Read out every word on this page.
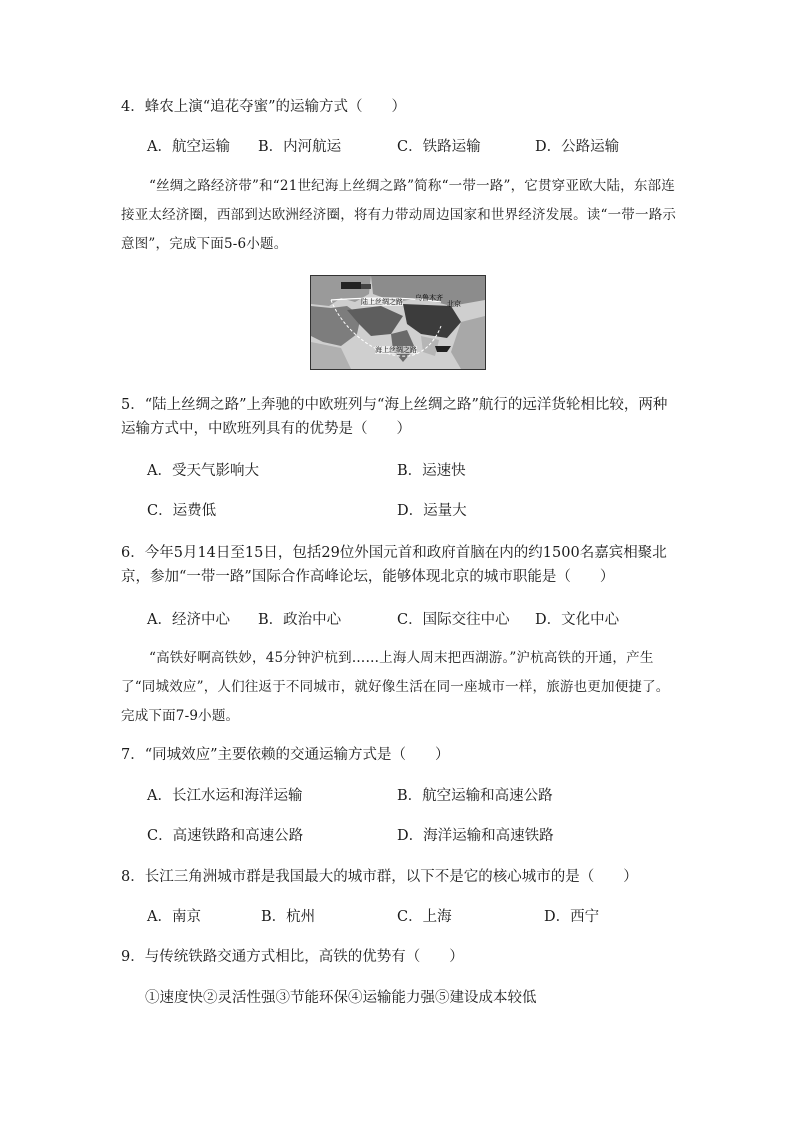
4．蜂农上演“追花夺蜜”的运输方式（　　）
A．航空运输 B．内河航运	C．铁路运输	D．公路运输
“丝绸之路经济带”和“21世纪海上丝绸之路”简称“一带一路”，它贯穿亚欧大陆，东部连接亚太经济圈，西部到达欧洲经济圈，将有力带动周边国家和世界经济发展。读“一带一路示意图”，完成下面5-6小题。
陆上丝绸之路 乌鲁木齐
北京
海上丝绸之路
5．“陆上丝绸之路”上奔驰的中欧班列与“海上丝绸之路”航行的远洋货轮相比较，两种运输方式中，中欧班列具有的优势是（　　）
A．受天气影响大	B．运速快
C．运费低	D．运量大
6．今年5月14日至15日，包括29位外国元首和政府首脑在内的约1500名嘉宾相聚北京，参加“一带一路”国际合作高峰论坛，能够体现北京的城市职能是（　　）
A．经济中心 B．政治中心	C．国际交往中心 D．文化中心
“高铁好啊高铁妙，45分钟沪杭到……上海人周末把西湖游。”沪杭高铁的开通，产生了“同城效应”，人们往返于不同城市，就好像生活在同一座城市一样，旅游也更加便捷了。完成下面7-9小题。
7．“同城效应”主要依赖的交通运输方式是（　　）
A．长江水运和海洋运输	B．航空运输和高速公路
C．高速铁路和高速公路	D．海洋运输和高速铁路
8．长江三角洲城市群是我国最大的城市群，以下不是它的核心城市的是（　　）
A．南京	B．杭州	C．上海	D．西宁
9．与传统铁路交通方式相比，高铁的优势有（　　）
①速度快②灵活性强③节能环保④运输能力强⑤建设成本较低
